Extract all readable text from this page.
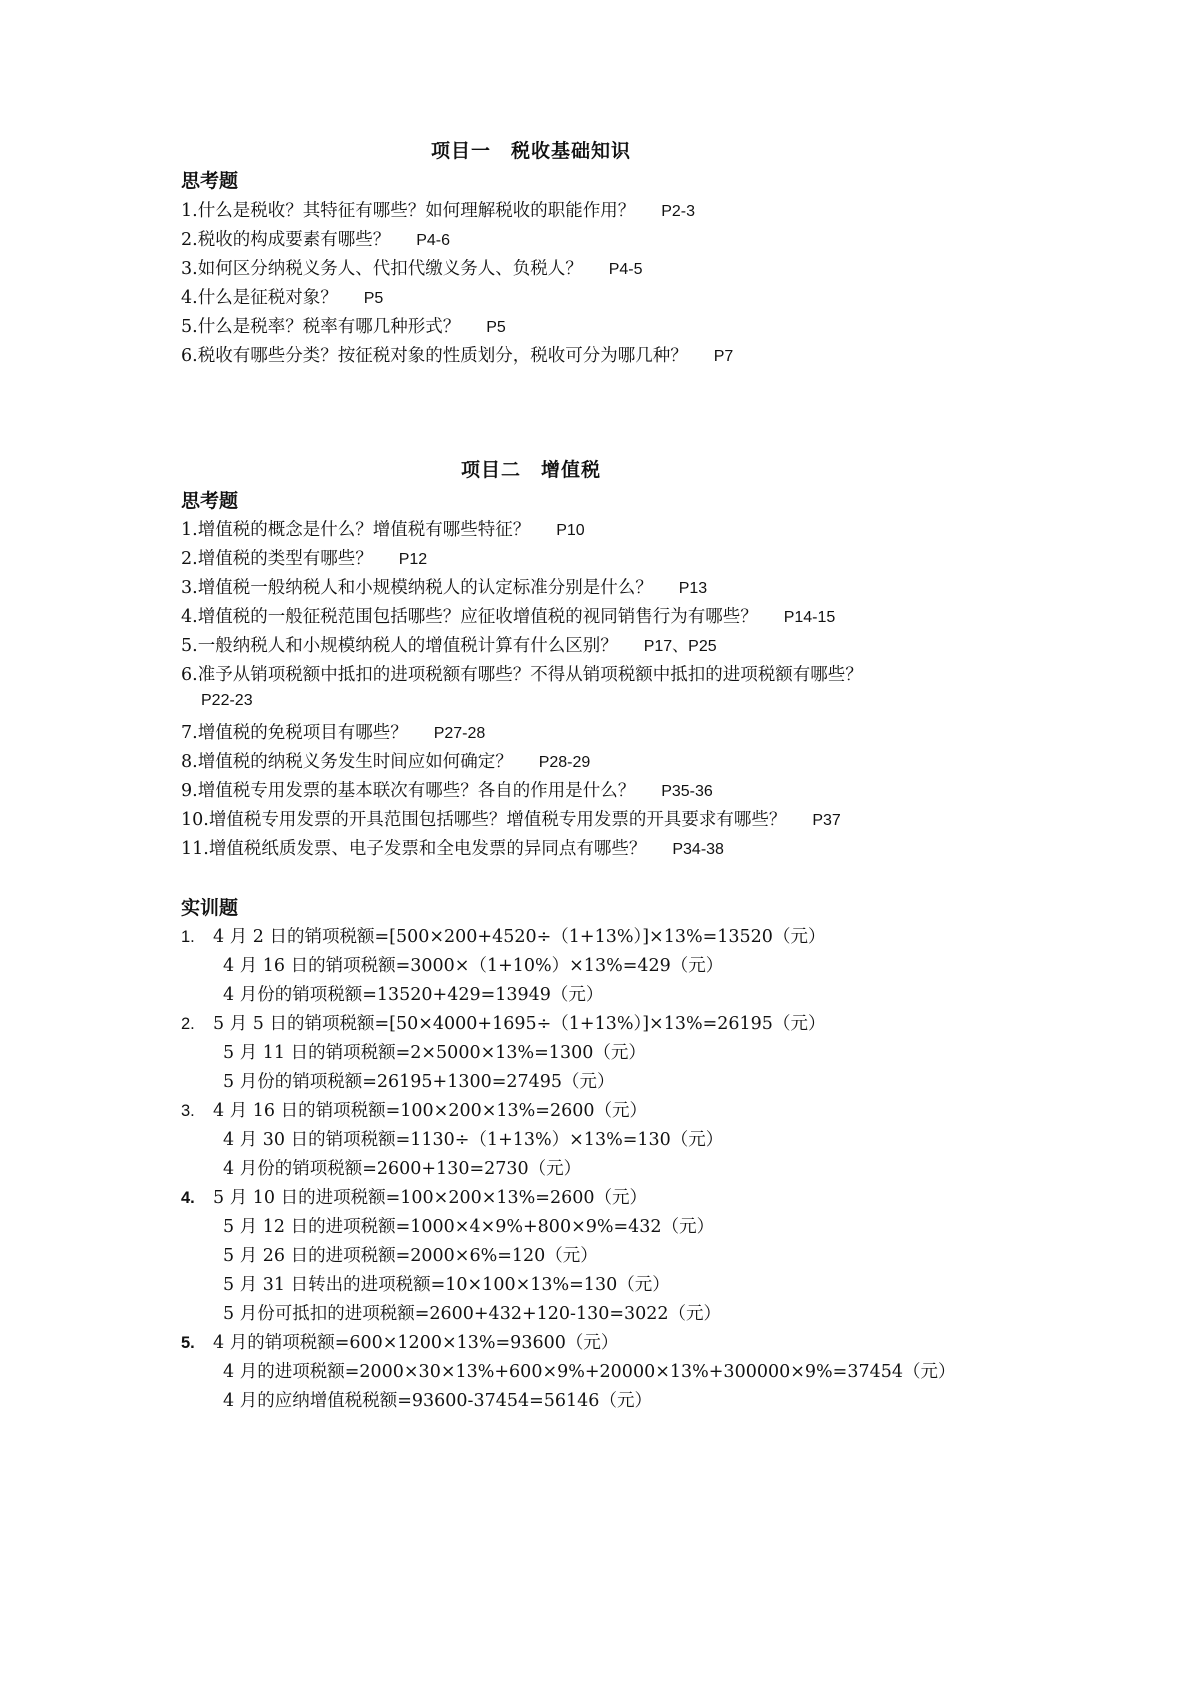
项目一　税收基础知识
思考题
1.什么是税收？其特征有哪些？如何理解税收的职能作用？ P2-3
2.税收的构成要素有哪些？ P4-6
3.如何区分纳税义务人、代扣代缴义务人、负税人？ P4-5
4.什么是征税对象？ P5
5.什么是税率？税率有哪几种形式？ P5
6.税收有哪些分类？按征税对象的性质划分，税收可分为哪几种？ P7
项目二　增值税
思考题
1.增值税的概念是什么？增值税有哪些特征？ P10
2.增值税的类型有哪些？ P12
3.增值税一般纳税人和小规模纳税人的认定标准分别是什么？ P13
4.增值税的一般征税范围包括哪些？应征收增值税的视同销售行为有哪些？ P14-15
5.一般纳税人和小规模纳税人的增值税计算有什么区别？ P17、P25
6.准予从销项税额中抵扣的进项税额有哪些？不得从销项税额中抵扣的进项税额有哪些？
P22-23
7.增值税的免税项目有哪些？ P27-28
8.增值税的纳税义务发生时间应如何确定？ P28-29
9.增值税专用发票的基本联次有哪些？各自的作用是什么？ P35-36
10.增值税专用发票的开具范围包括哪些？增值税专用发票的开具要求有哪些？ P37
11.增值税纸质发票、电子发票和全电发票的异同点有哪些？ P34-38
实训题
1. 4 月 2 日的销项税额=[500×200+4520÷（1+13%）]×13%=13520（元）
4 月 16 日的销项税额=3000×（1+10%）×13%=429（元）
4 月份的销项税额=13520+429=13949（元）
2. 5 月 5 日的销项税额=[50×4000+1695÷（1+13%）]×13%=26195（元）
5 月 11 日的销项税额=2×5000×13%=1300（元）
5 月份的销项税额=26195+1300=27495（元）
3. 4 月 16 日的销项税额=100×200×13%=2600（元）
4 月 30 日的销项税额=1130÷（1+13%）×13%=130（元）
4 月份的销项税额=2600+130=2730（元）
4. 5 月 10 日的进项税额=100×200×13%=2600（元）
5 月 12 日的进项税额=1000×4×9%+800×9%=432（元）
5 月 26 日的进项税额=2000×6%=120（元）
5 月 31 日转出的进项税额=10×100×13%=130（元）
5 月份可抵扣的进项税额=2600+432+120-130=3022（元）
5. 4 月的销项税额=600×1200×13%=93600（元）
4 月的进项税额=2000×30×13%+600×9%+20000×13%+300000×9%=37454（元）
4 月的应纳增值税税额=93600-37454=56146（元）
